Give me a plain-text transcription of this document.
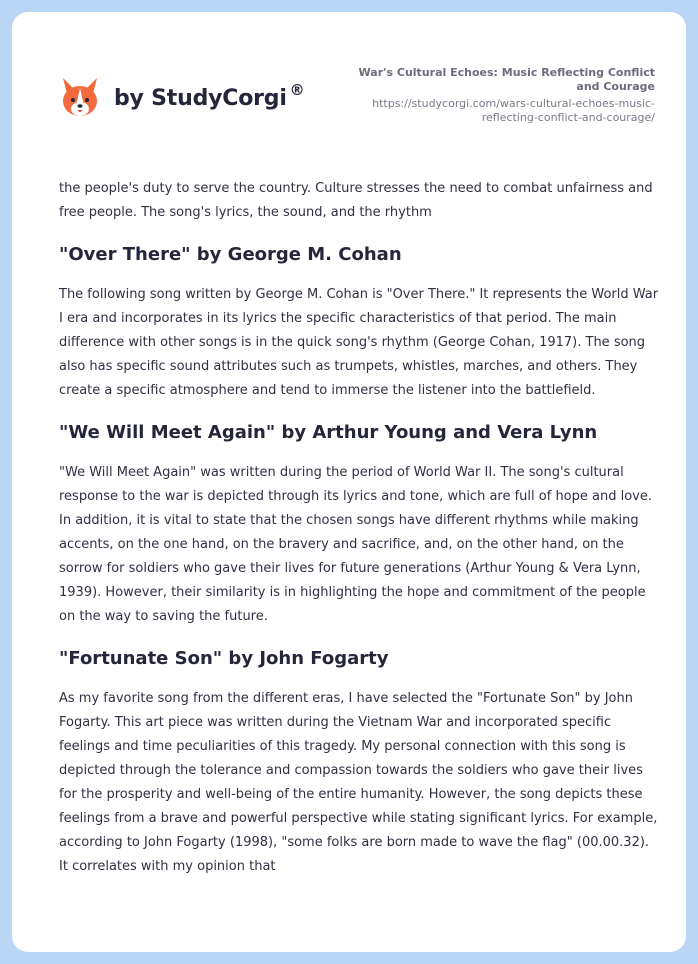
by StudyCorgi ®
War's Cultural Echoes: Music Reflecting Conflict and Courage
https://studycorgi.com/wars-cultural-echoes-music-reflecting-conflict-and-courage/

the people's duty to serve the country. Culture stresses the need to combat unfairness and free people. The song's lyrics, the sound, and the rhythm

"Over There" by George M. Cohan

The following song written by George M. Cohan is "Over There." It represents the World War I era and incorporates in its lyrics the specific characteristics of that period. The main difference with other songs is in the quick song's rhythm (George Cohan, 1917). The song also has specific sound attributes such as trumpets, whistles, marches, and others. They create a specific atmosphere and tend to immerse the listener into the battlefield.

"We Will Meet Again" by Arthur Young and Vera Lynn

"We Will Meet Again" was written during the period of World War II. The song's cultural response to the war is depicted through its lyrics and tone, which are full of hope and love. In addition, it is vital to state that the chosen songs have different rhythms while making accents, on the one hand, on the bravery and sacrifice, and, on the other hand, on the sorrow for soldiers who gave their lives for future generations (Arthur Young & Vera Lynn, 1939). However, their similarity is in highlighting the hope and commitment of the people on the way to saving the future.

"Fortunate Son" by John Fogarty

As my favorite song from the different eras, I have selected the "Fortunate Son" by John Fogarty. This art piece was written during the Vietnam War and incorporated specific feelings and time peculiarities of this tragedy. My personal connection with this song is depicted through the tolerance and compassion towards the soldiers who gave their lives for the prosperity and well-being of the entire humanity. However, the song depicts these feelings from a brave and powerful perspective while stating significant lyrics. For example, according to John Fogarty (1998), "some folks are born made to wave the flag" (00.00.32). It correlates with my opinion that
